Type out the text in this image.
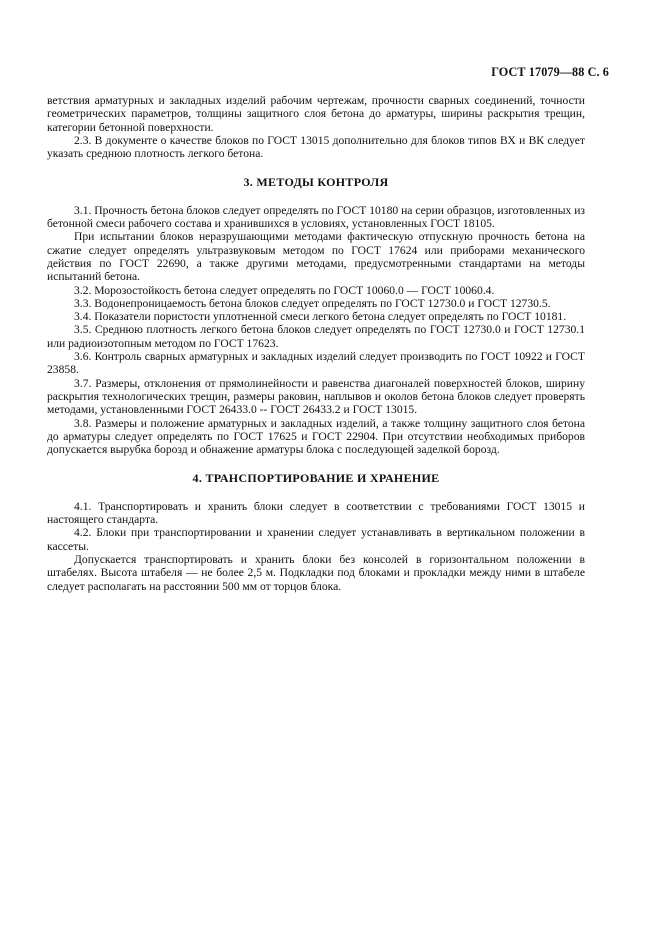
ГОСТ 17079—88 С. 6

ветствия арматурных и закладных изделий рабочим чертежам, прочности сварных соединений, точности геометрических параметров, толщины защитного слоя бетона до арматуры, ширины раскрытия трещин, категории бетонной поверхности.

2.3. В документе о качестве блоков по ГОСТ 13015 дополнительно для блоков типов ВХ и ВК следует указать среднюю плотность легкого бетона.

3. МЕТОДЫ КОНТРОЛЯ

3.1. Прочность бетона блоков следует определять по ГОСТ 10180 на серии образцов, изготовленных из бетонной смеси рабочего состава и хранившихся в условиях, установленных ГОСТ 18105.

При испытании блоков неразрушающими методами фактическую отпускную прочность бетона на сжатие следует определять ультразвуковым методом по ГОСТ 17624 или приборами механического действия по ГОСТ 22690, а также другими методами, предусмотренными стандартами на методы испытаний бетона.

3.2. Морозостойкость бетона следует определять по ГОСТ 10060.0 — ГОСТ 10060.4.

3.3. Водонепроницаемость бетона блоков следует определять по ГОСТ 12730.0 и ГОСТ 12730.5.

3.4. Показатели пористости уплотненной смеси легкого бетона следует определять по ГОСТ 10181.

3.5. Среднюю плотность легкого бетона блоков следует определять по ГОСТ 12730.0 и ГОСТ 12730.1 или радиоизотопным методом по ГОСТ 17623.

3.6. Контроль сварных арматурных и закладных изделий следует производить по ГОСТ 10922 и ГОСТ 23858.

3.7. Размеры, отклонения от прямолинейности и равенства диагоналей поверхностей блоков, ширину раскрытия технологических трещин, размеры раковин, наплывов и околов бетона блоков следует проверять методами, установленными ГОСТ 26433.0 -- ГОСТ 26433.2 и ГОСТ 13015.

3.8. Размеры и положение арматурных и закладных изделий, а также толщину защитного слоя бетона до арматуры следует определять по ГОСТ 17625 и ГОСТ 22904. При отсутствии необходимых приборов допускается вырубка борозд и обнажение арматуры блока с последующей заделкой борозд.

4. ТРАНСПОРТИРОВАНИЕ И ХРАНЕНИЕ

4.1. Транспортировать и хранить блоки следует в соответствии с требованиями ГОСТ 13015 и настоящего стандарта.

4.2. Блоки при транспортировании и хранении следует устанавливать в вертикальном положении в кассеты.

Допускается транспортировать и хранить блоки без консолей в горизонтальном положении в штабелях. Высота штабеля — не более 2,5 м. Подкладки под блоками и прокладки между ними в штабеле следует располагать на расстоянии 500 мм от торцов блока.
